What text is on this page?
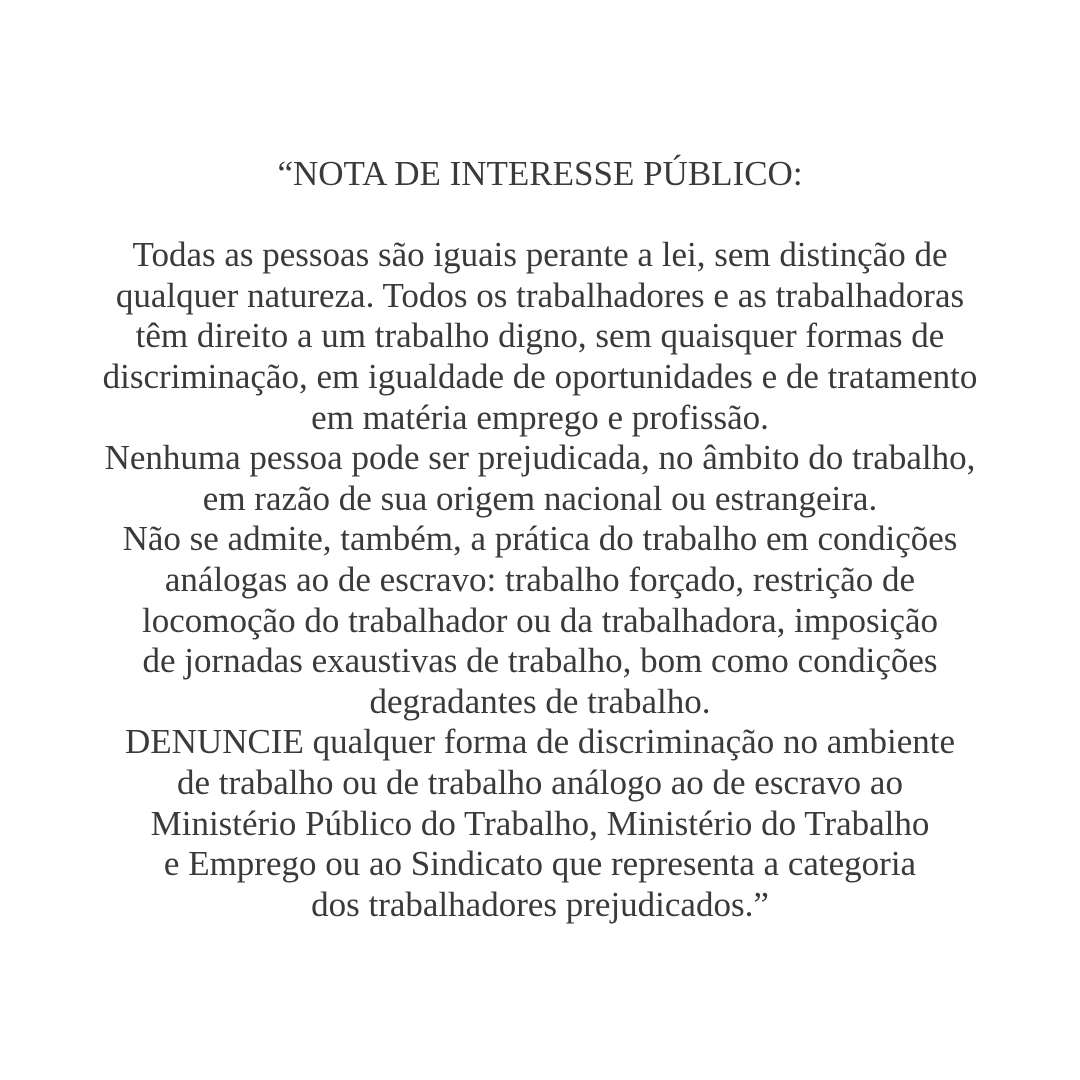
“NOTA DE INTERESSE PÚBLICO:
Todas as pessoas são iguais perante a lei, sem distinção de
qualquer natureza. Todos os trabalhadores e as trabalhadoras
têm direito a um trabalho digno, sem quaisquer formas de
discriminação, em igualdade de oportunidades e de tratamento
em matéria emprego e profissão.
Nenhuma pessoa pode ser prejudicada, no âmbito do trabalho,
em razão de sua origem nacional ou estrangeira.
Não se admite, também, a prática do trabalho em condições
análogas ao de escravo: trabalho forçado, restrição de
locomoção do trabalhador ou da trabalhadora, imposição
de jornadas exaustivas de trabalho, bom como condições
degradantes de trabalho.
DENUNCIE qualquer forma de discriminação no ambiente
de trabalho ou de trabalho análogo ao de escravo ao
Ministério Público do Trabalho, Ministério do Trabalho
e Emprego ou ao Sindicato que representa a categoria
dos trabalhadores prejudicados.”
